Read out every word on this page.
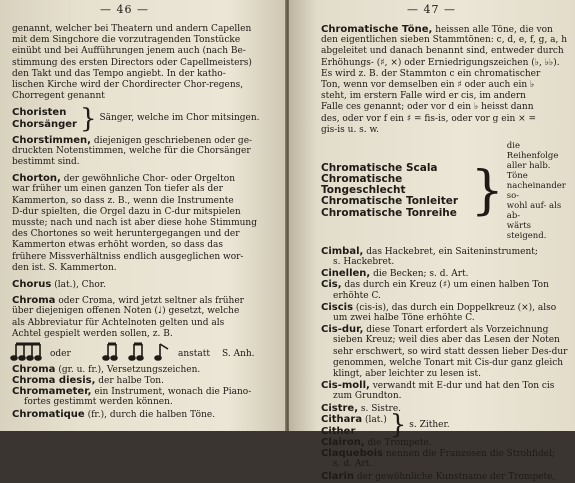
— 46 —
genannt, welcher bei Theatern und andern Capellen
mit dem Singchore die vorzutragenden Tonstücke
einübt und bei Aufführungen jenem auch (nach Be-
stimmung des ersten Directors oder Capellmeisters)
den Takt und das Tempo angiebt. In der katho-
lischen Kirche wird der Chordirecter Chor-regens,
Chorregent genannt
Choristen
Chorsänger } Sänger, welche im Chor mitsingen.
Chorstimmen, diejenigen geschriebenen oder ge-
druckten Notenstimmen, welche für die Chorsänger
bestimmt sind.
Chorton, der gewöhnliche Chor- oder Orgelton
war früher um einen ganzen Ton tiefer als der
Kammerton, so dass z. B., wenn die Instrumente
D-dur spielten, die Orgel dazu in C-dur mitspielen
musste; nach und nach ist aber diese hohe Stimmung
des Chortones so weit heruntergegangen und der
Kammerton etwas erhöht worden, so dass das
frühere Missverhältniss endlich ausgeglichen wor-
den ist. S. Kammerton.
Chorus (lat.), Chor.
Chroma oder Croma, wird jetzt seltner als früher
über diejenigen offenen Noten (♩) gesetzt, welche
als Abbreviatur für Achtelnoten gelten und als
Achtel gespielt werden sollen, z. B.
oder	anstatt S. Anh.
Chroma (gr. u. fr.), Versetzungszeichen.
Chroma diesis, der halbe Ton.
Chromameter, ein Instrument, wonach die Piano-
fortes gestimmt werden können.
Chromatique (fr.), durch die halben Töne.
— 47 —
Chromatische Töne, heissen alle Töne, die von
den eigentlichen sieben Stammtönen: c, d, e, f, g, a, h
abgeleitet und danach benannt sind, entweder durch
Erhöhungs- (♯, ×) oder Erniedrigungszeichen (♭, ♭♭).
Es wird z. B. der Stammton c ein chromatischer
Ton, wenn vor demselben ein ♯ oder auch ein ♭
steht, im erstern Falle wird er cis, im andern
Falle ces genannt; oder vor d ein ♭ heisst dann
des, oder vor f ein ♯ = fis-is, oder vor g ein × =
gis-is u. s. w.
Chromatische Scala
Chromatische Tongeschlecht
Chromatische Tonleiter
Chromatische Tonreihe }
die Reihenfolge
aller halb. Töne
nacheinander so-
wohl auf- als ab-
wärts steigend.
Cimbal, das Hackebret, ein Saiteninstrument;
s. Hackebret.
Cinellen, die Becken; s. d. Art.
Cis, das durch ein Kreuz (♯) um einen halben Ton
erhöhte C.
Ciscis (cis-is), das durch ein Doppelkreuz (×), also
um zwei halbe Töne erhöhte C.
Cis-dur, diese Tonart erfordert als Vorzeichnung
sieben Kreuz; weil dies aber das Lesen der Noten
sehr erschwert, so wird statt dessen lieber Des-dur
genommen, welche Tonart mit Cis-dur ganz gleich
klingt, aber leichter zu lesen ist.
Cis-moll, verwandt mit E-dur und hat den Ton cis
zum Grundton.
Cistre, s. Sistre.
Cithara (lat.)
Cither	} s. Zither.
Clairon, die Trompete.
Claquebois nennen die Franzosen die Strohfidel;
s. d. Art.
Clarin der gewöhnliche Kunstname der Trompete,
